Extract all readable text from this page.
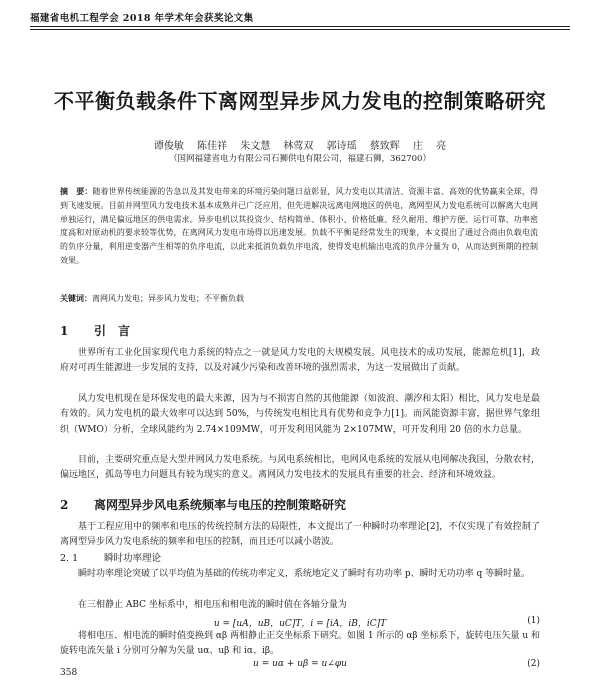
福建省电机工程学会 2018 年学术年会获奖论文集
不平衡负载条件下离网型异步风力发电的控制策略研究
谭俊敏 陈佳祥 朱文慧 林莺双 郭诗瑶 蔡致辉 庄 亮
（国网福建省电力有限公司石狮供电有限公司，福建石狮，362700）
摘　要：随着世界传统能源的告急以及其发电带来的环境污染问题日益彰显，风力发电以其清洁、资源丰富、高效的优势赢来全球，得到飞速发展。目前并网型风力发电技术基本成熟并已广泛应用，但先进解决远离电网地区的供电，离网型风力发电系统可以解离大电网单独运行，满足偏远地区的供电需求。异步电机以其投资少、结构简单、体积小、价格低廉、经久耐用、维护方便、运行可靠、功率密度高和对原动机的要求较等优势，在离网风力发电市场得以迅速发展。负载不平衡是经常发生的现象，本文提出了通过合商由负载电流的负序分量，利用逆变器产生相等的负序电流，以此来抵消负载负序电流，使得发电机输出电流的负序分量为 0，从而达到预期的控制效果。
关键词：离网风力发电；异步风力发电；不平衡负载
1 引　言
世界所有工业化国家现代电力系统的特点之一就是风力发电的大规模发展。风电技术的成功发展，能源危机[1]，政府对可再生能源进一步发展的支持，以及对减少污染和改善环境的强烈需求，为这一发展做出了贡献。
风力发电机现在是环保发电的最大来源，因为与不损害自然的其他能源（如波浪、潮汐和太阳）相比，风力发电是最有效的。风力发电机的最大效率可以达到 50%，与传统发电相比具有优势和竞争力[1]。而风能资源丰富，据世界气象组织（WMO）分析，全球风能约为 2.74×109MW，可开发利用风能为 2×107MW，可开发利用 20 倍的水力总量。
目前，主要研究重点是大型并网风力发电系统。与风电系统相比，电网风电系统的发展从电网解决我国，分散农村，偏远地区，孤岛等电力问题具有较为现实的意义。离网风力发电技术的发展具有重要的社会、经济和环境效益。
2 离网型异步风电系统频率与电压的控制策略研究
基于工程应用中的频率和电压的传统控制方法的局限性，本文提出了一种瞬时功率理论[2]，不仅实现了有效控制了离网型异步风力发电系统的频率和电压的控制，而且还可以减小谐波。
2. 1	瞬时功率理论
瞬时功率理论突破了以平均值为基础的传统功率定义，系统地定义了瞬时有功功率 p、瞬时无功功率 q 等瞬时量。
在三相静止 ABC 坐标系中，相电压和相电流的瞬时值在各轴分量为
u = [uA，uB，uC]T，i = [iA，iB，iC]T	(1)
将相电压、相电流的瞬时值变换到 αβ 两相静止正交坐标系下研究。如图 1 所示的 αβ 坐标系下，旋转电压矢量 u 和旋转电流矢量 i 分别可分解为矢量 uα、uβ 和 iα、iβ。
u = uα + uβ = u∠φu	(2)
358
